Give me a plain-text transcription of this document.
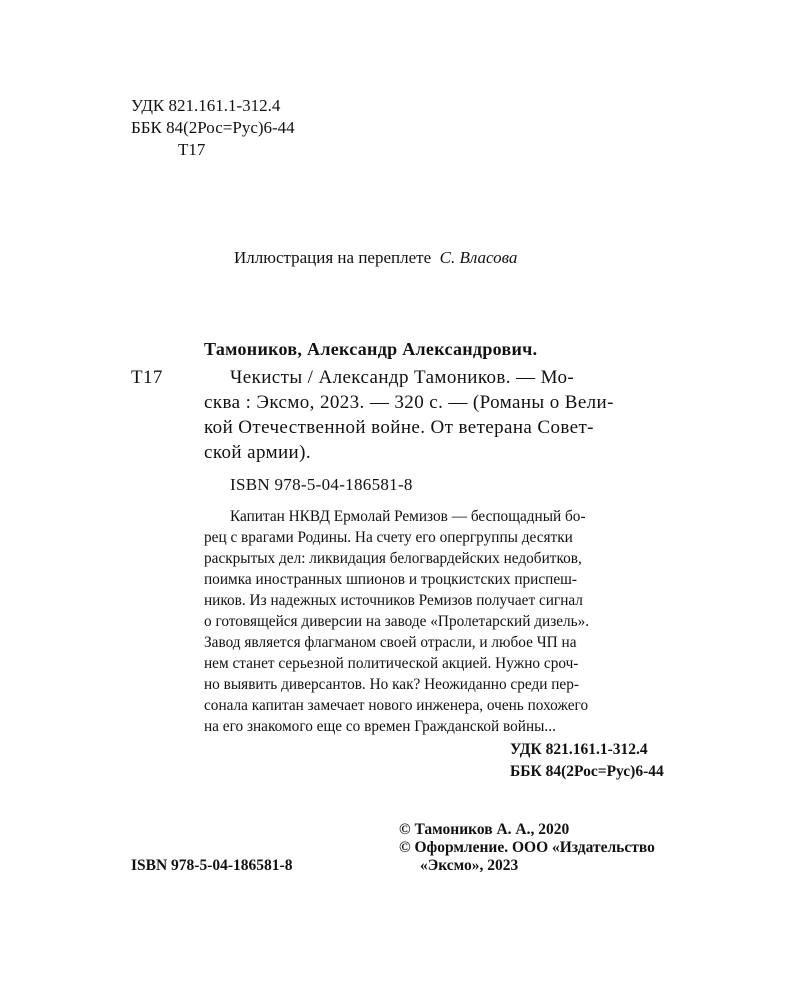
УДК 821.161.1-312.4
ББК 84(2Рос=Рус)6-44
Т17
Иллюстрация на переплете С. Власова
Тамоников, Александр Александрович.
Т17	Чекисты / Александр Тамоников. — Мо-
сква : Эксмо, 2023. — 320 с. — (Романы о Вели-
кой Отечественной войне. От ветерана Совет-
ской армии).
ISBN 978-5-04-186581-8
Капитан НКВД Ермолай Ремизов — беспощадный бо-
рец с врагами Родины. На счету его опергруппы десятки
раскрытых дел: ликвидация белогвардейских недобитков,
поимка иностранных шпионов и троцкистских приспеш-
ников. Из надежных источников Ремизов получает сигнал
о готовящейся диверсии на заводе «Пролетарский дизель».
Завод является флагманом своей отрасли, и любое ЧП на
нем станет серьезной политической акцией. Нужно сроч-
но выявить диверсантов. Но как? Неожиданно среди пер-
сонала капитан замечает нового инженера, очень похожего
на его знакомого еще со времен Гражданской войны...
УДК 821.161.1-312.4
ББК 84(2Рос=Рус)6-44
© Тамоников А. А., 2020
© Оформление. ООО «Издательство
«Эксмо», 2023
ISBN 978-5-04-186581-8
